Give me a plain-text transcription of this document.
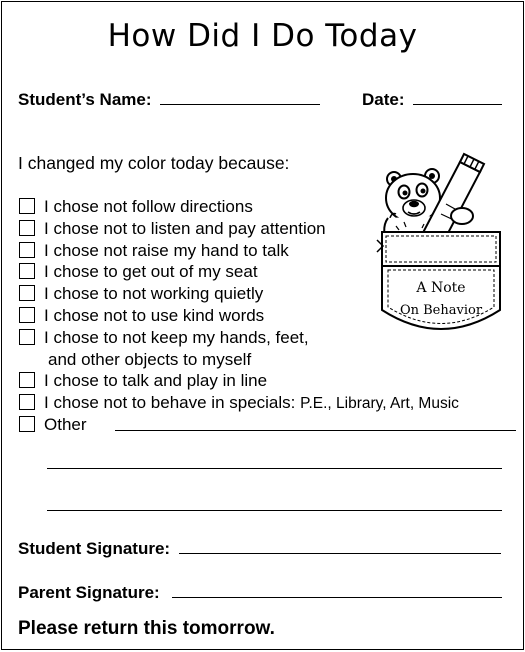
How Did I Do Today
Student’s Name:	Date:
I changed my color today because:
I chose not follow directions
I chose not to listen and pay attention
I chose not raise my hand to talk
I chose to get out of my seat
I chose to not working quietly
I chose not to use kind words
I chose to not keep my hands, feet,
and other objects to myself
I chose to talk and play in line
I chose not to behave in specials: P.E., Library, Art, Music
Other
Student Signature:
Parent Signature:
Please return this tomorrow.
A Note
On Behavior
